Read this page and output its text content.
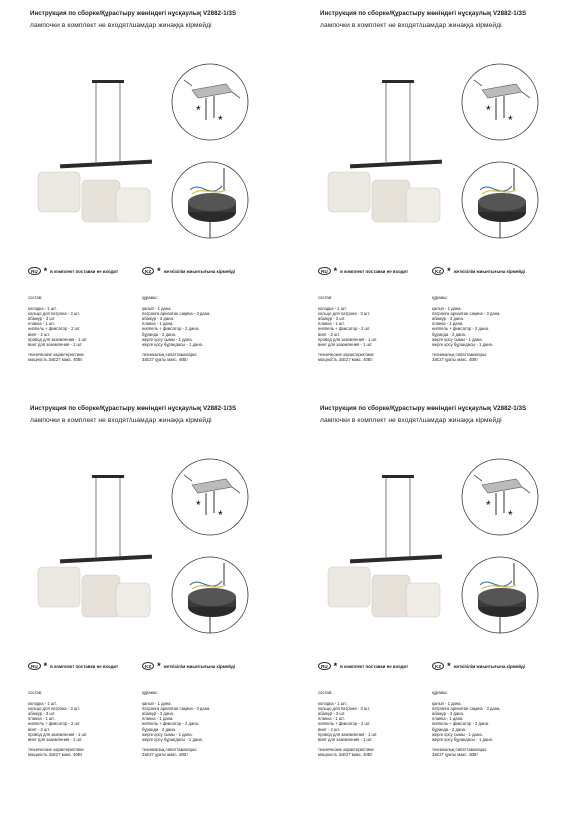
Инструкция по сборке/Құрастыру жөніндегі нұсқаулық V2882-1/3S
лампочки в комплект не входят/шамдар жинаққа кірмейді
*
*
RU * в комплект поставки не входит	KZ * жеткізілім жиынтығына кірмейді
состав:
колодка - 1 шт.
кольцо для патрона - 3 шт.
абажур - 3 шт.
планка - 1 шт.
ниппель + фиксатор - 2 шт.
винт - 2 шт.
провод для заземления - 1 шт.
винт для заземления - 1 шт.
технические характеристики:
мощность 3хE27 макс. 40Вт
құрамы:
қалып - 1 дана.
патронға арналған сақина - 3 дана.
абажур - 3 дана.
планка - 1 дана.
ниппель + фиксатор - 2 дана.
бұранда - 2 дана.
жерге қосу сымы - 1 дана.
жерге қосу бұрандасы - 1 дана.
техникалық сипаттамалары:
3хE27 қуаты макс. 40Вт
Инструкция по сборке/Құрастыру жөніндегі нұсқаулық V2882-1/3S
лампочки в комплект не входят/шамдар жинаққа кірмейді
*
*
RU * в комплект поставки не входит	KZ * жеткізілім жиынтығына кірмейді
состав:
колодка - 1 шт.
кольцо для патрона - 3 шт.
абажур - 3 шт.
планка - 1 шт.
ниппель + фиксатор - 2 шт.
винт - 2 шт.
провод для заземления - 1 шт.
винт для заземления - 1 шт.
технические характеристики:
мощность 3хE27 макс. 40Вт
құрамы:
қалып - 1 дана.
патронға арналған сақина - 3 дана.
абажур - 3 дана.
планка - 1 дана.
ниппель + фиксатор - 2 дана.
бұранда - 2 дана.
жерге қосу сымы - 1 дана.
жерге қосу бұрандасы - 1 дана.
техникалық сипаттамалары:
3хE27 қуаты макс. 40Вт
Инструкция по сборке/Құрастыру жөніндегі нұсқаулық V2882-1/3S
лампочки в комплект не входят/шамдар жинаққа кірмейді
*
*
RU * в комплект поставки не входит	KZ * жеткізілім жиынтығына кірмейді
состав:
колодка - 1 шт.
кольцо для патрона - 3 шт.
абажур - 3 шт.
планка - 1 шт.
ниппель + фиксатор - 2 шт.
винт - 2 шт.
провод для заземления - 1 шт.
винт для заземления - 1 шт.
технические характеристики:
мощность 3хE27 макс. 40Вт
құрамы:
қалып - 1 дана.
патронға арналған сақина - 3 дана.
абажур - 3 дана.
планка - 1 дана.
ниппель + фиксатор - 2 дана.
бұранда - 2 дана.
жерге қосу сымы - 1 дана.
жерге қосу бұрандасы - 1 дана.
техникалық сипаттамалары:
3хE27 қуаты макс. 40Вт
Инструкция по сборке/Құрастыру жөніндегі нұсқаулық V2882-1/3S
лампочки в комплект не входят/шамдар жинаққа кірмейді
*
*
RU * в комплект поставки не входит	KZ * жеткізілім жиынтығына кірмейді
состав:
колодка - 1 шт.
кольцо для патрона - 3 шт.
абажур - 3 шт.
планка - 1 шт.
ниппель + фиксатор - 2 шт.
винт - 2 шт.
провод для заземления - 1 шт.
винт для заземления - 1 шт.
технические характеристики:
мощность 3хE27 макс. 40Вт
құрамы:
қалып - 1 дана.
патронға арналған сақина - 3 дана.
абажур - 3 дана.
планка - 1 дана.
ниппель + фиксатор - 2 дана.
бұранда - 2 дана.
жерге қосу сымы - 1 дана.
жерге қосу бұрандасы - 1 дана.
техникалық сипаттамалары:
3хE27 қуаты макс. 40Вт
